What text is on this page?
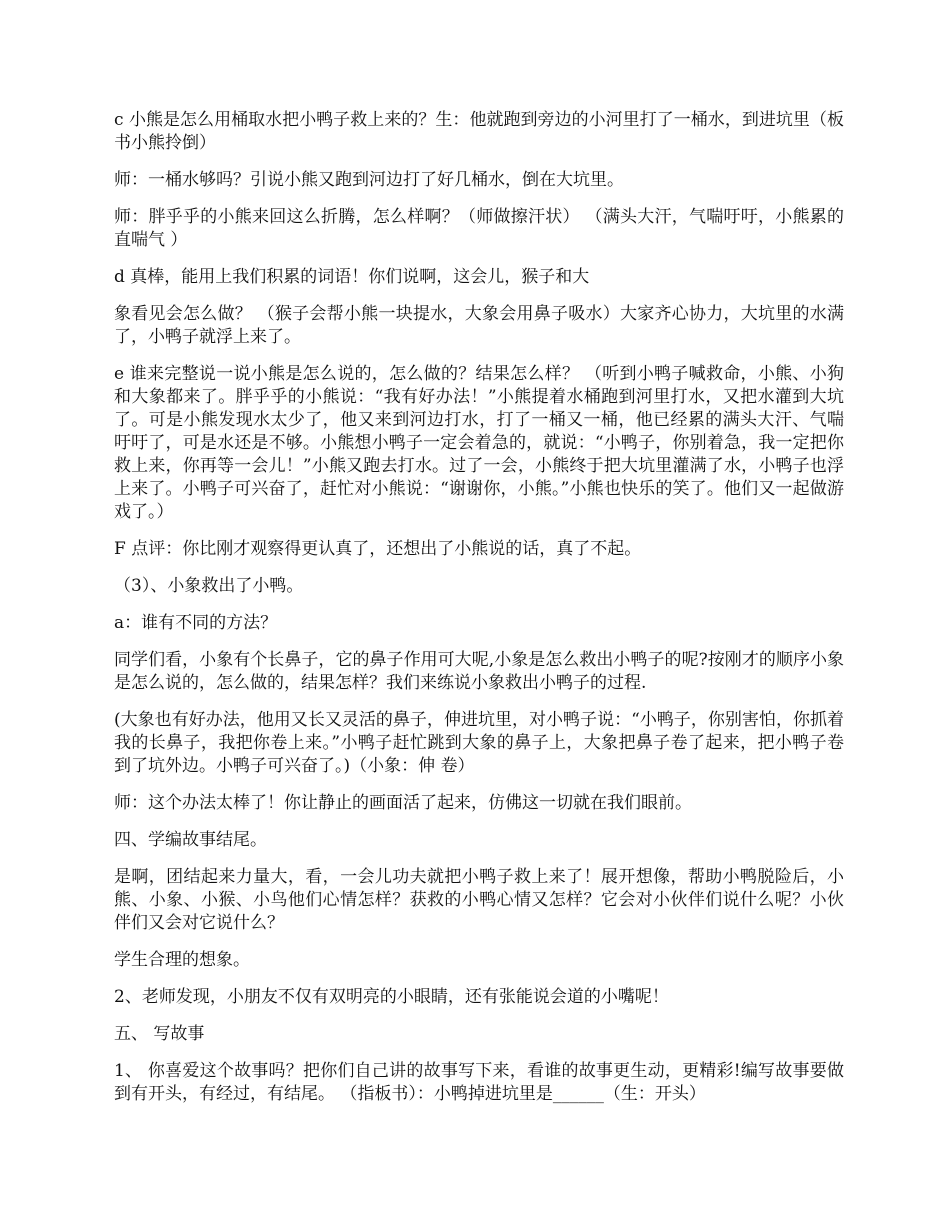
c 小熊是怎么用桶取水把小鸭子救上来的？生：他就跑到旁边的小河里打了一桶水，到进坑里（板书小熊拎倒）

师：一桶水够吗？引说小熊又跑到河边打了好几桶水，倒在大坑里。

师：胖乎乎的小熊来回这么折腾，怎么样啊？（师做擦汗状） （满头大汗，气喘吁吁，小熊累的直喘气 ）

d 真棒，能用上我们积累的词语！你们说啊，这会儿，猴子和大

象看见会怎么做？ （猴子会帮小熊一块提水，大象会用鼻子吸水）大家齐心协力，大坑里的水满了，小鸭子就浮上来了。

e 谁来完整说一说小熊是怎么说的，怎么做的？结果怎么样？ （听到小鸭子喊救命，小熊、小狗和大象都来了。胖乎乎的小熊说：“我有好办法！”小熊提着水桶跑到河里打水，又把水灌到大坑了。可是小熊发现水太少了，他又来到河边打水，打了一桶又一桶，他已经累的满头大汗、气喘吁吁了，可是水还是不够。小熊想小鸭子一定会着急的，就说：“小鸭子，你别着急，我一定把你救上来，你再等一会儿！”小熊又跑去打水。过了一会，小熊终于把大坑里灌满了水，小鸭子也浮上来了。小鸭子可兴奋了，赶忙对小熊说：“谢谢你，小熊。”小熊也快乐的笑了。他们又一起做游戏了。）

F 点评：你比刚才观察得更认真了，还想出了小熊说的话，真了不起。

（3）、小象救出了小鸭。

a：谁有不同的方法？

同学们看，小象有个长鼻子，它的鼻子作用可大呢,小象是怎么救出小鸭子的呢?按刚才的顺序小象是怎么说的，怎么做的，结果怎样？我们来练说小象救出小鸭子的过程.

(大象也有好办法，他用又长又灵活的鼻子，伸进坑里，对小鸭子说：“小鸭子，你别害怕，你抓着我的长鼻子，我把你卷上来。”小鸭子赶忙跳到大象的鼻子上，大象把鼻子卷了起来，把小鸭子卷到了坑外边。小鸭子可兴奋了。)（小象：伸 卷）

师：这个办法太棒了！你让静止的画面活了起来，仿佛这一切就在我们眼前。

四、学编故事结尾。

是啊，团结起来力量大，看，一会儿功夫就把小鸭子救上来了！展开想像，帮助小鸭脱险后，小熊、小象、小猴、小鸟他们心情怎样？获救的小鸭心情又怎样？它会对小伙伴们说什么呢？小伙伴们又会对它说什么？

学生合理的想象。

2、老师发现，小朋友不仅有双明亮的小眼睛，还有张能说会道的小嘴呢！

五、 写故事

1、 你喜爱这个故事吗？把你们自己讲的故事写下来，看谁的故事更生动，更精彩!编写故事要做到有开头，有经过，有结尾。 （指板书）：小鸭掉进坑里是______（生：开头）
